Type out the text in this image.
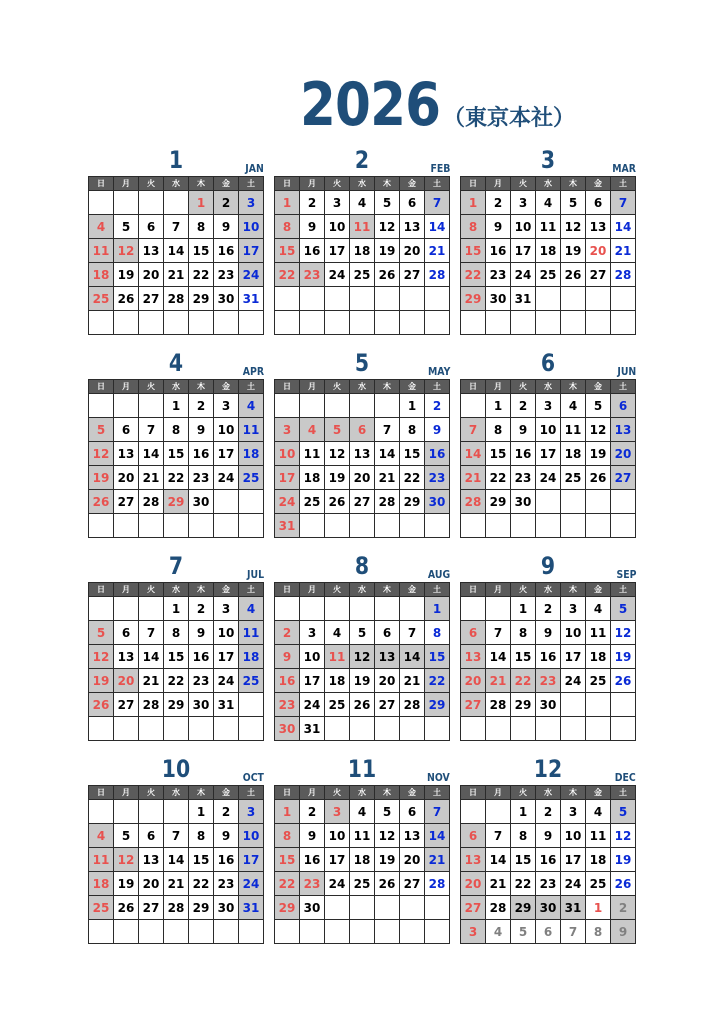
2026 （東京本社）
1	JAN
日	月	火	水	木	金	土
				1	2	3
4	5	6	7	8	9	10
11	12	13	14	15	16	17
18	19	20	21	22	23	24
25	26	27	28	29	30	31

2	FEB
日	月	火	水	木	金	土
1	2	3	4	5	6	7
8	9	10	11	12	13	14
15	16	17	18	19	20	21
22	23	24	25	26	27	28

3	MAR
日	月	火	水	木	金	土
1	2	3	4	5	6	7
8	9	10	11	12	13	14
15	16	17	18	19	20	21
22	23	24	25	26	27	28
29	30	31				

4	APR
日	月	火	水	木	金	土
			1	2	3	4
5	6	7	8	9	10	11
12	13	14	15	16	17	18
19	20	21	22	23	24	25
26	27	28	29	30		

5	MAY
日	月	火	水	木	金	土
					1	2
3	4	5	6	7	8	9
10	11	12	13	14	15	16
17	18	19	20	21	22	23
24	25	26	27	28	29	30
31						
6	JUN
日	月	火	水	木	金	土
	1	2	3	4	5	6
7	8	9	10	11	12	13
14	15	16	17	18	19	20
21	22	23	24	25	26	27
28	29	30				

7	JUL
日	月	火	水	木	金	土
			1	2	3	4
5	6	7	8	9	10	11
12	13	14	15	16	17	18
19	20	21	22	23	24	25
26	27	28	29	30	31	

8	AUG
日	月	火	水	木	金	土
						1
2	3	4	5	6	7	8
9	10	11	12	13	14	15
16	17	18	19	20	21	22
23	24	25	26	27	28	29
30	31					
9	SEP
日	月	火	水	木	金	土
		1	2	3	4	5
6	7	8	9	10	11	12
13	14	15	16	17	18	19
20	21	22	23	24	25	26
27	28	29	30			

10	OCT
日	月	火	水	木	金	土
				1	2	3
4	5	6	7	8	9	10
11	12	13	14	15	16	17
18	19	20	21	22	23	24
25	26	27	28	29	30	31

11	NOV
日	月	火	水	木	金	土
1	2	3	4	5	6	7
8	9	10	11	12	13	14
15	16	17	18	19	20	21
22	23	24	25	26	27	28
29	30					

12	DEC
日	月	火	水	木	金	土
		1	2	3	4	5
6	7	8	9	10	11	12
13	14	15	16	17	18	19
20	21	22	23	24	25	26
27	28	29	30	31	1	2
3	4	5	6	7	8	9
